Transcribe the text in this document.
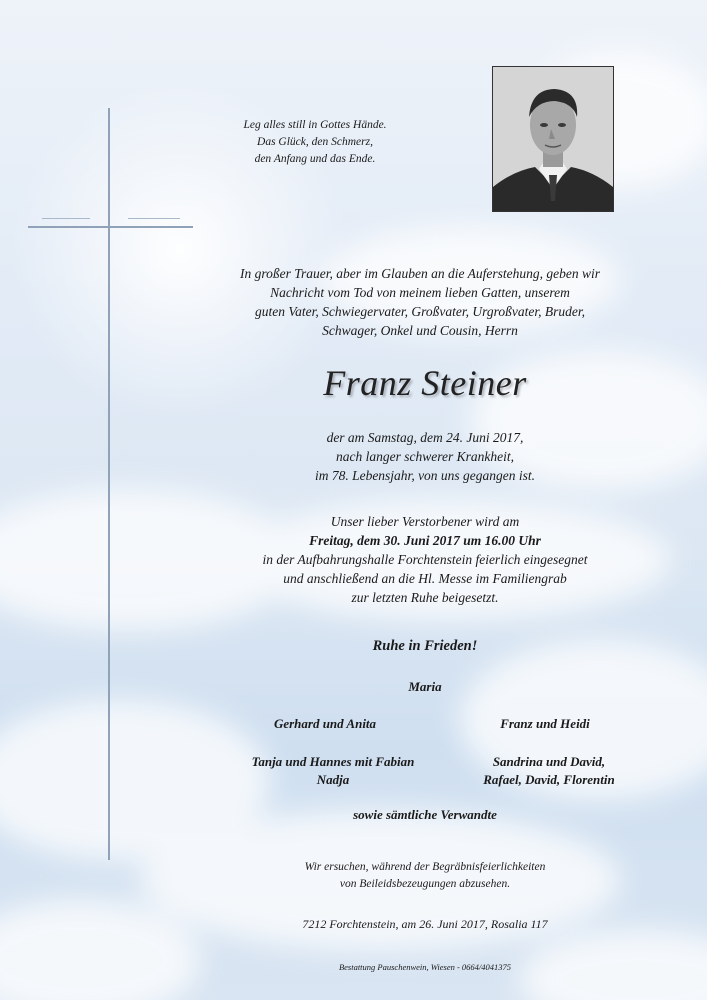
Leg alles still in Gottes Hände.
Das Glück, den Schmerz,
den Anfang und das Ende.
In großer Trauer, aber im Glauben an die Auferstehung, geben wir
Nachricht vom Tod von meinem lieben Gatten, unserem
guten Vater, Schwiegervater, Großvater, Urgroßvater, Bruder,
Schwager, Onkel und Cousin, Herrn
Franz Steiner
der am Samstag, dem 24. Juni 2017,
nach langer schwerer Krankheit,
im 78. Lebensjahr, von uns gegangen ist.
Unser lieber Verstorbener wird am
Freitag, dem 30. Juni 2017 um 16.00 Uhr
in der Aufbahrungshalle Forchtenstein feierlich eingesegnet
und anschließend an die Hl. Messe im Familiengrab
zur letzten Ruhe beigesetzt.
Ruhe in Frieden!
Maria
Gerhard und Anita	Franz und Heidi
Tanja und Hannes mit Fabian
Nadja
Sandrina und David,
Rafael, David, Florentin
sowie sämtliche Verwandte
Wir ersuchen, während der Begräbnisfeierlichkeiten
von Beileidsbezeugungen abzusehen.
7212 Forchtenstein, am 26. Juni 2017, Rosalia 117
Bestattung Pauschenwein, Wiesen - 0664/4041375
